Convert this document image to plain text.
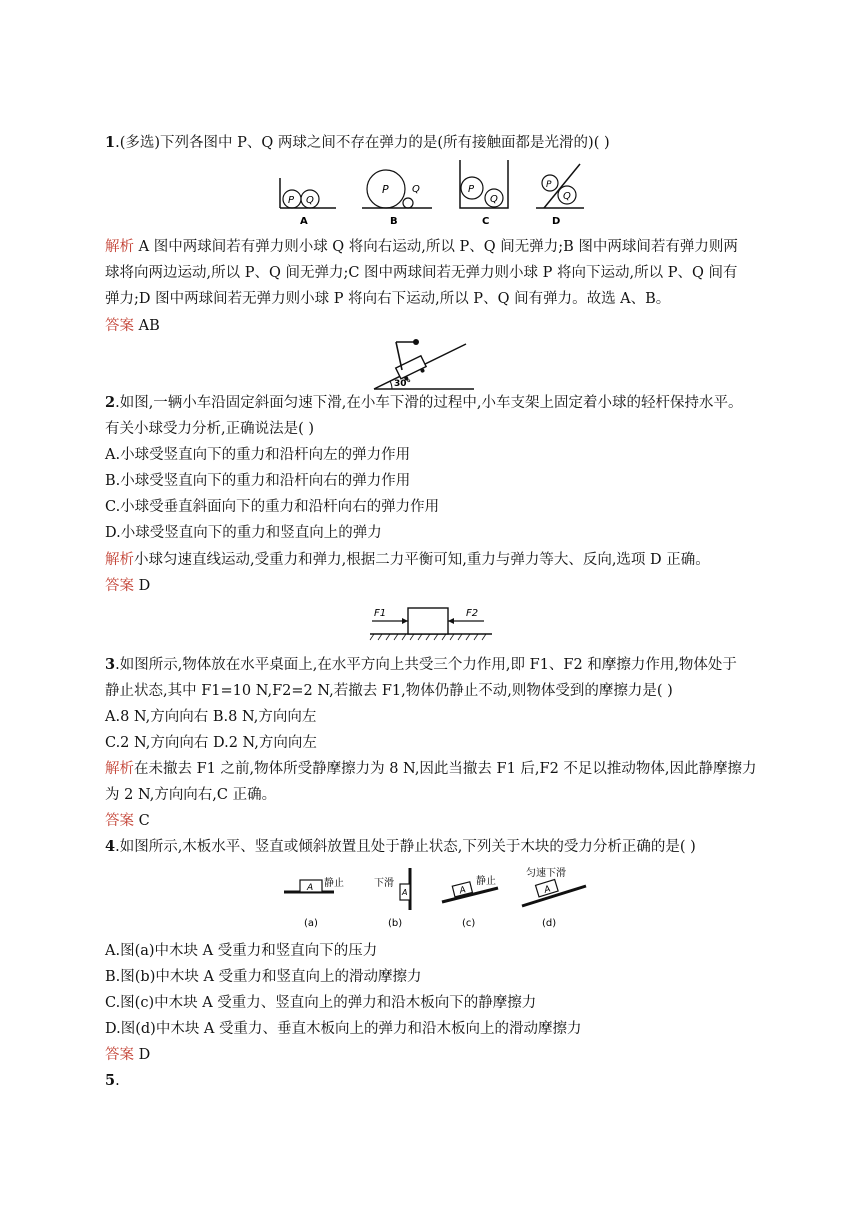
1.(多选)下列各图中 P、Q 两球之间不存在弹力的是(所有接触面都是光滑的)( )
P Q
A
P Q
B
P
Q
C
P
Q
D
解析 A 图中两球间若有弹力则小球 Q 将向右运动,所以 P、Q 间无弹力;B 图中两球间若有弹力则两
球将向两边运动,所以 P、Q 间无弹力;C 图中两球间若无弹力则小球 P 将向下运动,所以 P、Q 间有
弹力;D 图中两球间若无弹力则小球 P 将向右下运动,所以 P、Q 间有弹力。故选 A、B。
答案 AB
30°
2.如图,一辆小车沿固定斜面匀速下滑,在小车下滑的过程中,小车支架上固定着小球的轻杆保持水平。
有关小球受力分析,正确说法是( )
A.小球受竖直向下的重力和沿杆向左的弹力作用
B.小球受竖直向下的重力和沿杆向右的弹力作用
C.小球受垂直斜面向下的重力和沿杆向右的弹力作用
D.小球受竖直向下的重力和竖直向上的弹力
解析小球匀速直线运动,受重力和弹力,根据二力平衡可知,重力与弹力等大、反向,选项 D 正确。
答案 D
F1	F2
3.如图所示,物体放在水平桌面上,在水平方向上共受三个力作用,即 F1、F2 和摩擦力作用,物体处于
静止状态,其中 F1=10 N,F2=2 N,若撤去 F1,物体仍静止不动,则物体受到的摩擦力是( )
A.8 N,方向向右 B.8 N,方向向左
C.2 N,方向向右 D.2 N,方向向左
解析在未撤去 F1 之前,物体所受静摩擦力为 8 N,因此当撤去 F1 后,F2 不足以推动物体,因此静摩擦力
为 2 N,方向向右,C 正确。
答案 C
4.如图所示,木板水平、竖直或倾斜放置且处于静止状态,下列关于木块的受力分析正确的是( )
A 静止
(a)
A
下滑
(b)
A
静止
(c)
A
匀速下滑
(d)
A.图(a)中木块 A 受重力和竖直向下的压力
B.图(b)中木块 A 受重力和竖直向上的滑动摩擦力
C.图(c)中木块 A 受重力、竖直向上的弹力和沿木板向下的静摩擦力
D.图(d)中木块 A 受重力、垂直木板向上的弹力和沿木板向上的滑动摩擦力
答案 D
5.
